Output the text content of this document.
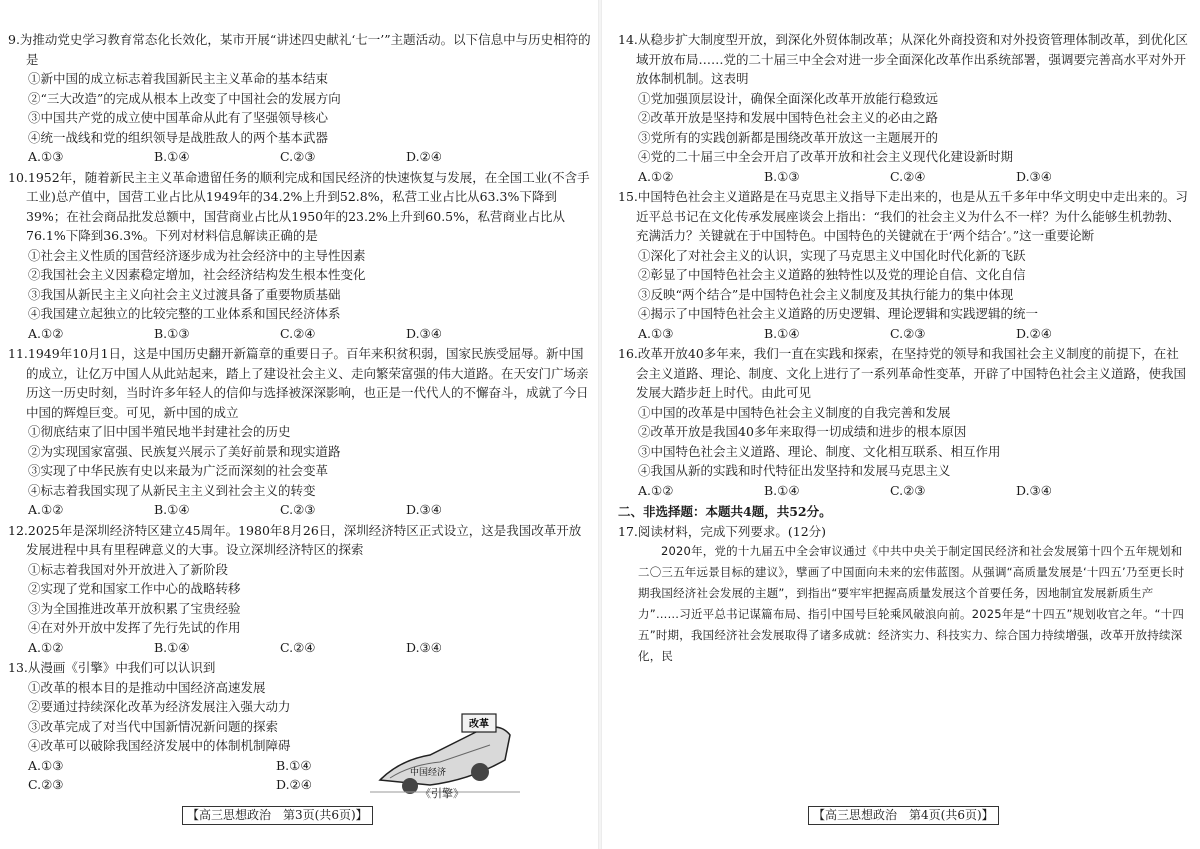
9.为推动党史学习教育常态化长效化，某市开展“讲述四史献礼‘七一’”主题活动。以下信息中与历史相符的是
①新中国的成立标志着我国新民主主义革命的基本结束
②“三大改造”的完成从根本上改变了中国社会的发展方向
③中国共产党的成立使中国革命从此有了坚强领导核心
④统一战线和党的组织领导是战胜敌人的两个基本武器
A.①③	B.①④	C.②③	D.②④
10.1952年，随着新民主主义革命遗留任务的顺利完成和国民经济的快速恢复与发展，在全国工业(不含手工业)总产值中，国营工业占比从1949年的34.2%上升到52.8%，私营工业占比从63.3%下降到39%；在社会商品批发总额中，国营商业占比从1950年的23.2%上升到60.5%，私营商业占比从76.1%下降到36.3%。下列对材料信息解读正确的是
①社会主义性质的国营经济逐步成为社会经济中的主导性因素
②我国社会主义因素稳定增加，社会经济结构发生根本性变化
③我国从新民主主义向社会主义过渡具备了重要物质基础
④我国建立起独立的比较完整的工业体系和国民经济体系
A.①②	B.①③	C.②④	D.③④
11.1949年10月1日，这是中国历史翻开新篇章的重要日子。百年来积贫积弱，国家民族受屈辱。新中国的成立，让亿万中国人从此站起来，踏上了建设社会主义、走向繁荣富强的伟大道路。在天安门广场亲历这一历史时刻，当时许多年轻人的信仰与选择被深深影响，也正是一代代人的不懈奋斗，成就了今日中国的辉煌巨变。可见，新中国的成立
①彻底结束了旧中国半殖民地半封建社会的历史
②为实现国家富强、民族复兴展示了美好前景和现实道路
③实现了中华民族有史以来最为广泛而深刻的社会变革
④标志着我国实现了从新民主主义到社会主义的转变
A.①②	B.①④	C.②③	D.③④
12.2025年是深圳经济特区建立45周年。1980年8月26日，深圳经济特区正式设立，这是我国改革开放发展进程中具有里程碑意义的大事。设立深圳经济特区的探索
①标志着我国对外开放进入了新阶段
②实现了党和国家工作中心的战略转移
③为全国推进改革开放积累了宝贵经验
④在对外开放中发挥了先行先试的作用
A.①②	B.①④	C.②④	D.③④
13.从漫画《引擎》中我们可以认识到
①改革的根本目的是推动中国经济高速发展
②要通过持续深化改革为经济发展注入强大动力
③改革完成了对当代中国新情况新问题的探索
④改革可以破除我国经济发展中的体制机制障碍
A.①③	B.①④
C.②③	D.②④
改革
中国经济
《引擎》
【高三思想政治　第3页(共6页)】
14.从稳步扩大制度型开放，到深化外贸体制改革；从深化外商投资和对外投资管理体制改革，到优化区域开放布局……党的二十届三中全会对进一步全面深化改革作出系统部署，强调要完善高水平对外开放体制机制。这表明
①党加强顶层设计，确保全面深化改革开放能行稳致远
②改革开放是坚持和发展中国特色社会主义的必由之路
③党所有的实践创新都是围绕改革开放这一主题展开的
④党的二十届三中全会开启了改革开放和社会主义现代化建设新时期
A.①②	B.①③	C.②④	D.③④
15.中国特色社会主义道路是在马克思主义指导下走出来的，也是从五千多年中华文明史中走出来的。习近平总书记在文化传承发展座谈会上指出：“我们的社会主义为什么不一样？为什么能够生机勃勃、充满活力？关键就在于中国特色。中国特色的关键就在于‘两个结合’。”这一重要论断
①深化了对社会主义的认识，实现了马克思主义中国化时代化新的飞跃
②彰显了中国特色社会主义道路的独特性以及党的理论自信、文化自信
③反映“两个结合”是中国特色社会主义制度及其执行能力的集中体现
④揭示了中国特色社会主义道路的历史逻辑、理论逻辑和实践逻辑的统一
A.①③	B.①④	C.②③	D.②④
16.改革开放40多年来，我们一直在实践和探索，在坚持党的领导和我国社会主义制度的前提下，在社会主义道路、理论、制度、文化上进行了一系列革命性变革，开辟了中国特色社会主义道路，使我国发展大踏步赶上时代。由此可见
①中国的改革是中国特色社会主义制度的自我完善和发展
②改革开放是我国40多年来取得一切成绩和进步的根本原因
③中国特色社会主义道路、理论、制度、文化相互联系、相互作用
④我国从新的实践和时代特征出发坚持和发展马克思主义
A.①②	B.①④	C.②③	D.③④
二、非选择题：本题共4题，共52分。
17.阅读材料，完成下列要求。(12分)
2020年，党的十九届五中全会审议通过《中共中央关于制定国民经济和社会发展第十四个五年规划和二〇三五年远景目标的建议》，擘画了中国面向未来的宏伟蓝图。从强调“高质量发展是‘十四五’乃至更长时期我国经济社会发展的主题”，到指出“要牢牢把握高质量发展这个首要任务，因地制宜发展新质生产力”……习近平总书记谋篇布局、指引中国号巨轮乘风破浪向前。2025年是“十四五”规划收官之年。“十四五”时期，我国经济社会发展取得了诸多成就：经济实力、科技实力、综合国力持续增强，改革开放持续深化，民
【高三思想政治　第4页(共6页)】
